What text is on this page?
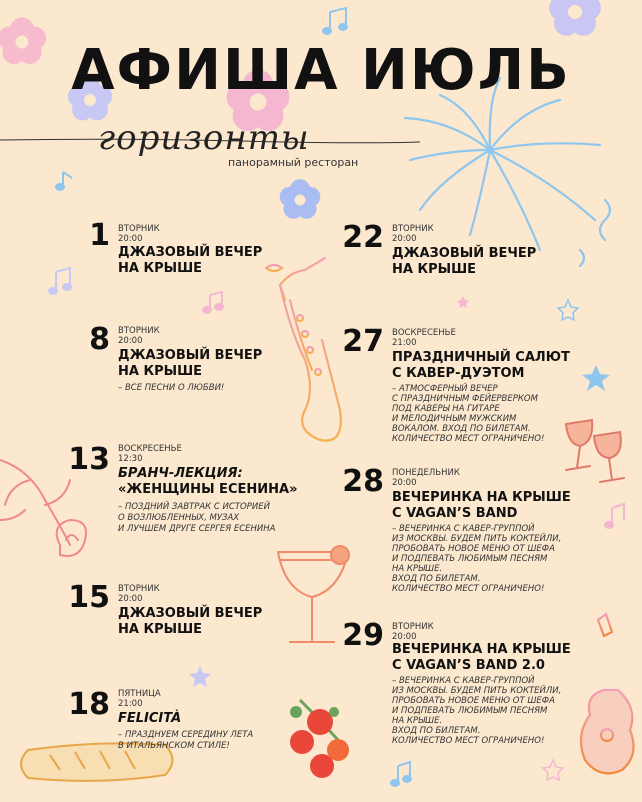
АФИША ИЮЛЬ
горизонты
панорамный ресторан
1 ВТОРНИК
20:00
ДЖАЗОВЫЙ ВЕЧЕР
НА КРЫШЕ
8 ВТОРНИК
20:00
ДЖАЗОВЫЙ ВЕЧЕР
НА КРЫШЕ
– ВСЕ ПЕСНИ О ЛЮБВИ!
13 ВОСКРЕСЕНЬЕ
12:30
БРАНЧ-ЛЕКЦИЯ:
«ЖЕНЩИНЫ ЕСЕНИНА»
– ПОЗДНИЙ ЗАВТРАК С ИСТОРИЕЙ
О ВОЗЛЮБЛЕННЫХ, МУЗАХ
И ЛУЧШЕМ ДРУГЕ СЕРГЕЯ ЕСЕНИНА
15 ВТОРНИК
20:00
ДЖАЗОВЫЙ ВЕЧЕР
НА КРЫШЕ
18 ПЯТНИЦА
21:00
FELICITÀ
– ПРАЗДНУЕМ СЕРЕДИНУ ЛЕТА
В ИТАЛЬЯНСКОМ СТИЛЕ!
22 ВТОРНИК
20:00
ДЖАЗОВЫЙ ВЕЧЕР
НА КРЫШЕ
27 ВОСКРЕСЕНЬЕ
21:00
ПРАЗДНИЧНЫЙ САЛЮТ
С КАВЕР-ДУЭТОМ
– АТМОСФЕРНЫЙ ВЕЧЕР
С ПРАЗДНИЧНЫМ ФЕЙЕРВЕРКОМ
ПОД КАВЕРЫ НА ГИТАРЕ
И МЕЛОДИЧНЫМ МУЖСКИМ
ВОКАЛОМ. ВХОД ПО БИЛЕТАМ.
КОЛИЧЕСТВО МЕСТ ОГРАНИЧЕНО!
28 ПОНЕДЕЛЬНИК
20:00
ВЕЧЕРИНКА НА КРЫШЕ
С VAGAN’S BAND
– ВЕЧЕРИНКА С КАВЕР-ГРУППОЙ
ИЗ МОСКВЫ. БУДЕМ ПИТЬ КОКТЕЙЛИ,
ПРОБОВАТЬ НОВОЕ МЕНЮ ОТ ШЕФА
И ПОДПЕВАТЬ ЛЮБИМЫМ ПЕСНЯМ
НА КРЫШЕ.
ВХОД ПО БИЛЕТАМ.
КОЛИЧЕСТВО МЕСТ ОГРАНИЧЕНО!
29 ВТОРНИК
20:00
ВЕЧЕРИНКА НА КРЫШЕ
С VAGAN’S BAND 2.0
– ВЕЧЕРИНКА С КАВЕР-ГРУППОЙ
ИЗ МОСКВЫ. БУДЕМ ПИТЬ КОКТЕЙЛИ,
ПРОБОВАТЬ НОВОЕ МЕНЮ ОТ ШЕФА
И ПОДПЕВАТЬ ЛЮБИМЫМ ПЕСНЯМ
НА КРЫШЕ.
ВХОД ПО БИЛЕТАМ.
КОЛИЧЕСТВО МЕСТ ОГРАНИЧЕНО!
